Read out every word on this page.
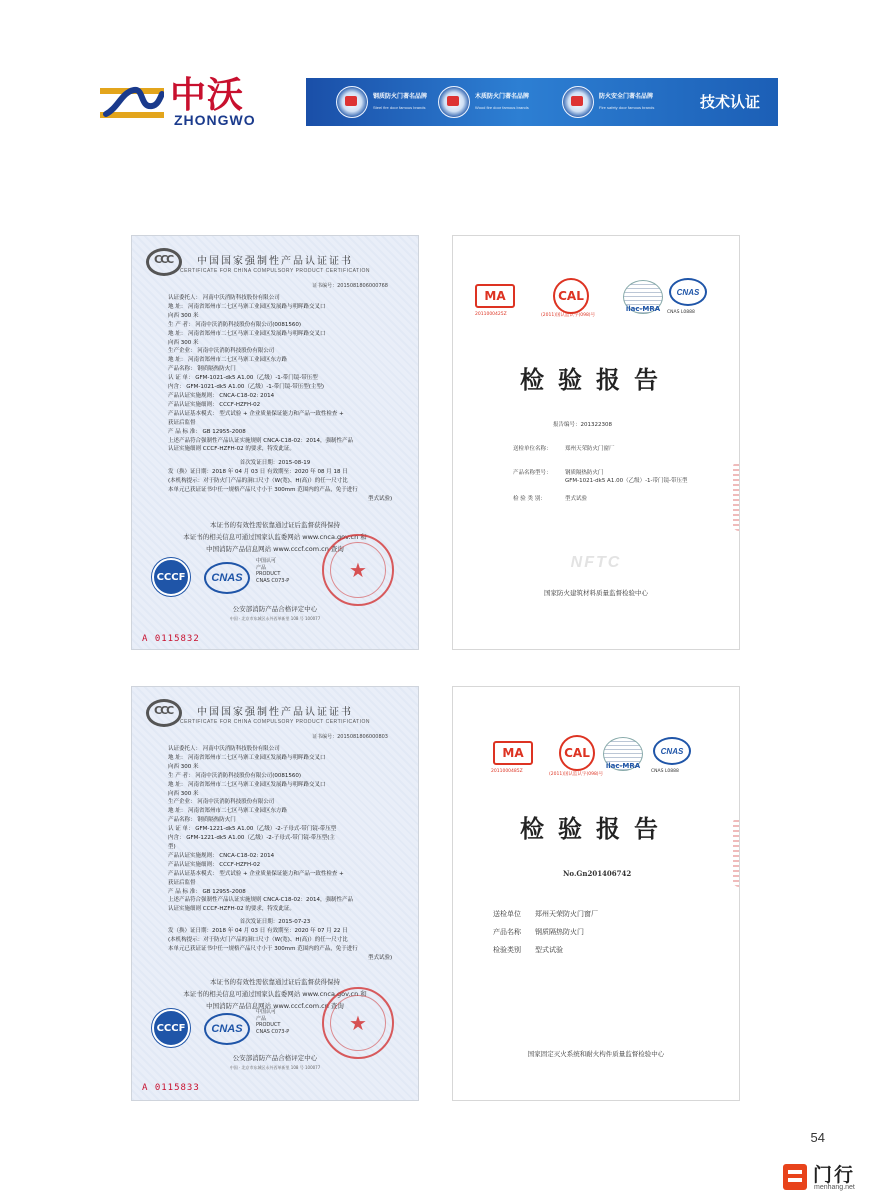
中沃
ZHONGWO
钢质防火门著名品牌
Steel fire door famous brands
木质防火门著名品牌
Wood fire door famous brands
防火安全门著名品牌
Fire safety door famous brands	技术认证
CCC	中国国家强制性产品认证证书
CERTIFICATE FOR CHINA COMPULSORY PRODUCT CERTIFICATION
证书编号：2015081806000768
认证委托人： 河南中沃消防科技股份有限公司
地 址： 河南省郑州市二七区马寨工业园区发展路与明晖路交叉口
向西 300 米
生 产 者： 河南中沃消防科技股份有限公司(0081560)
地 址： 河南省郑州市二七区马寨工业园区发展路与明晖路交叉口
向西 300 米
生产企业： 河南中沃消防科技股份有限公司
地 址： 河南省郑州市二七区马寨工业园区东方路
产品名称： 钢质隔热防火门
认 证 单： GFM-1021-dk5 A1.00（乙级）-1-带门镜-带压型
内含： GFM-1021-dk5 A1.00（乙级）-1-带门镜-带压型(主型)
产品认证实施规则： CNCA-C18-02: 2014
产品认证实施细则： CCCF-HZFH-02
产品认证基本模式： 型式试验 + 企业质量保证能力和产品一致性检查 +
获证后监督
产 品 标 准： GB 12955-2008
上述产品符合强制性产品认证实施规则 CNCA-C18-02：2014，强制性产品
认证实施细则 CCCF-HZFH-02 的要求，特发此证。
首次发证日期：2015-08-19
发（换）证日期：2018 年 04 月 03 日 有效期至：2020 年 08 月 18 日
(本机构提示：对于防火门产品的洞口尺寸（W(宽)、H(高)）的任一尺寸比
本单元已获证证书中任一规格产品尺寸小于 300mm 范围内的产品，免于进行
型式试验)
本证书的有效性需依靠通过证后监督获得保持
本证书的相关信息可通过国家认监委网站 www.cnca.gov.cn 和
中国消防产品信息网站 www.cccf.com.cn 查询
CCCF	CNAS
中国认可
产品
PRODUCT
CNAS C073-P
★
公安部消防产品合格评定中心
中国 · 北京市东城区永外西革新里 108 号 100077
A 0115832
MA	CAL
ilac-MRA
CNAS
2011000425Z	(2011)国认监认字(098)号
CNAS L0888
检验报告
报告编号：201322308
送检单位名称： 郑州天荣防火门窗厂
产品名称型号： 钢质隔热防火门
GFM-1021-dk5 A1.00（乙级）-1-带门镜-带压型
检 验 类 别：	型式试验
NFTC
国家防火建筑材料质量监督检验中心
CCC	中国国家强制性产品认证证书
CERTIFICATE FOR CHINA COMPULSORY PRODUCT CERTIFICATION
证书编号：2015081806000803
认证委托人： 河南中沃消防科技股份有限公司
地 址： 河南省郑州市二七区马寨工业园区发展路与明晖路交叉口
向西 300 米
生 产 者： 河南中沃消防科技股份有限公司(0081560)
地 址： 河南省郑州市二七区马寨工业园区发展路与明晖路交叉口
向西 300 米
生产企业： 河南中沃消防科技股份有限公司
地 址： 河南省郑州市二七区马寨工业园区东方路
产品名称： 钢质隔热防火门
认 证 单： GFM-1221-dk5 A1.00（乙级）-2-子母式-带门镜-带压型
内含： GFM-1221-dk5 A1.00（乙级）-2-子母式-带门镜-带压型(主
型)
产品认证实施规则： CNCA-C18-02: 2014
产品认证实施细则： CCCF-HZFH-02
产品认证基本模式： 型式试验 + 企业质量保证能力和产品一致性检查 +
获证后监督
产 品 标 准： GB 12955-2008
上述产品符合强制性产品认证实施规则 CNCA-C18-02：2014，强制性产品
认证实施细则 CCCF-HZFH-02 的要求，特发此证。
首次发证日期：2015-07-23
发（换）证日期：2018 年 04 月 03 日 有效期至：2020 年 07 月 22 日
(本机构提示：对于防火门产品的洞口尺寸（W(宽)、H(高)）的任一尺寸比
本单元已获证证书中任一规格产品尺寸小于 300mm 范围内的产品，免于进行
型式试验)
本证书的有效性需依靠通过证后监督获得保持
本证书的相关信息可通过国家认监委网站 www.cnca.gov.cn 和
中国消防产品信息网站 www.cccf.com.cn 查询
CCCF	CNAS
中国认可
产品
PRODUCT
CNAS C073-P
★
公安部消防产品合格评定中心
中国 · 北京市东城区永外西革新里 108 号 100077
A 0115833
MA	CAL
ilac-MRA
CNAS
2011000485Z
(2011)国认监认字(098)号
CNAS L0888
检验报告
No.Gn201406742
送检单位 郑州天荣防火门窗厂
产品名称 钢质隔热防火门
检验类别 型式试验
国家固定灭火系统和耐火构件质量监督检验中心
54
门行
menhang.net
